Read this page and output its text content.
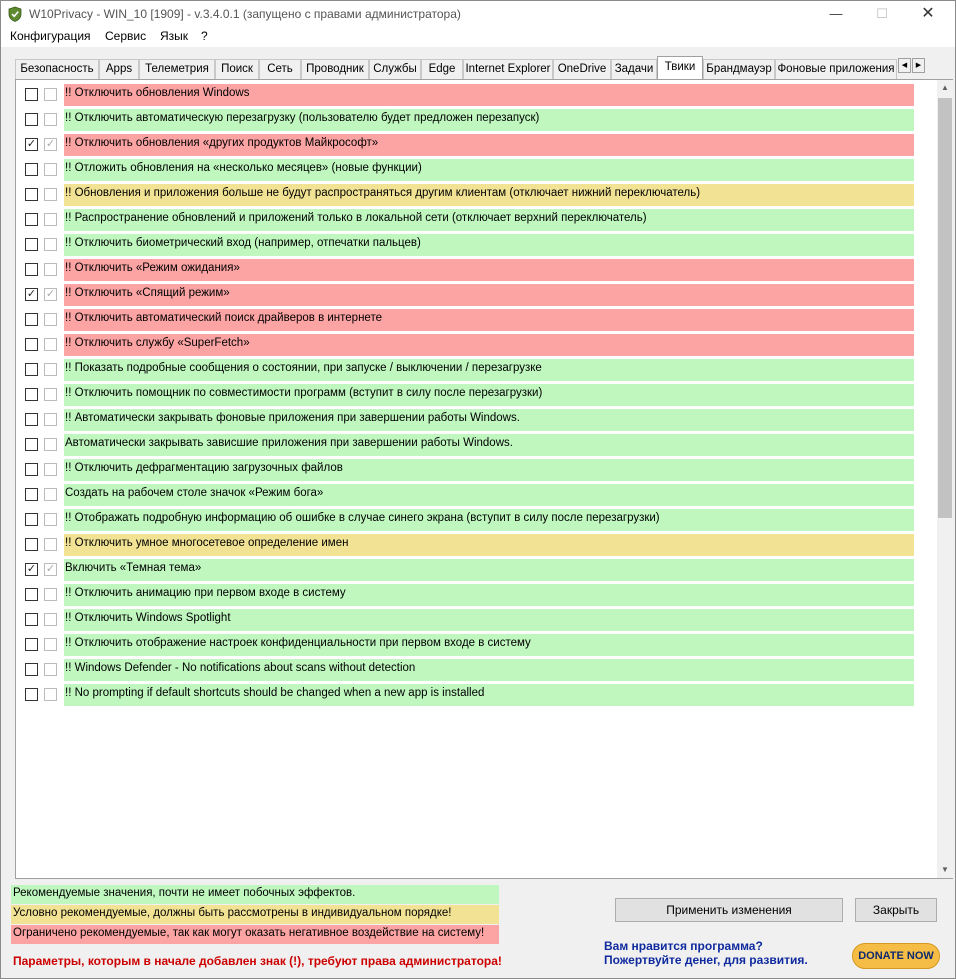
W10Privacy - WIN_10 [1909] - v.3.4.0.1 (запущено с правами администратора)	—	☐	✕
Конфигурация Сервис Язык ?
Безопасность	Apps	Телеметрия	Поиск	Сеть	Проводник Службы	Edge Internet Explorer OneDrive Задачи Твики Брандмауэр Фоновые приложения	◀	▶
!! Отключить обновления Windows
!! Отключить автоматическую перезагрузку (пользователю будет предложен перезапуск)
✓ ✓ !! Отключить обновления «других продуктов Майкрософт»
!! Отложить обновления на «несколько месяцев» (новые функции)
!! Обновления и приложения больше не будут распространяться другим клиентам (отключает нижний переключатель)
!! Распространение обновлений и приложений только в локальной сети (отключает верхний переключатель)
!! Отключить биометрический вход (например, отпечатки пальцев)
!! Отключить «Режим ожидания»
✓ ✓ !! Отключить «Спящий режим»
!! Отключить автоматический поиск драйверов в интернете
!! Отключить службу «SuperFetch»
!! Показать подробные сообщения о состоянии, при запуске / выключении / перезагрузке
!! Отключить помощник по совместимости программ (вступит в силу после перезагрузки)
!! Автоматически закрывать фоновые приложения при завершении работы Windows.
Автоматически закрывать зависшие приложения при завершении работы Windows.
!! Отключить дефрагментацию загрузочных файлов
Создать на рабочем столе значок «Режим бога»
!! Отображать подробную информацию об ошибке в случае синего экрана (вступит в силу после перезагрузки)
!! Отключить умное многосетевое определение имен
✓ ✓ Включить «Темная тема»
!! Отключить анимацию при первом входе в систему
!! Отключить Windows Spotlight
!! Отключить отображение настроек конфиденциальности при первом входе в систему
!! Windows Defender - No notifications about scans without detection
!! No prompting if default shortcuts should be changed when a new app is installed
▲
▼
Рекомендуемые значения, почти не имеет побочных эффектов.
Условно рекомендуемые, должны быть рассмотрены в индивидуальном порядке!
Ограничено рекомендуемые, так как могут оказать негативное воздействие на систему!
Параметры, которым в начале добавлен знак (!), требуют права администратора!
Применить изменения	Закрыть
Вам нравится программа?
Пожертвуйте денег, для развития.	DONATE NOW
